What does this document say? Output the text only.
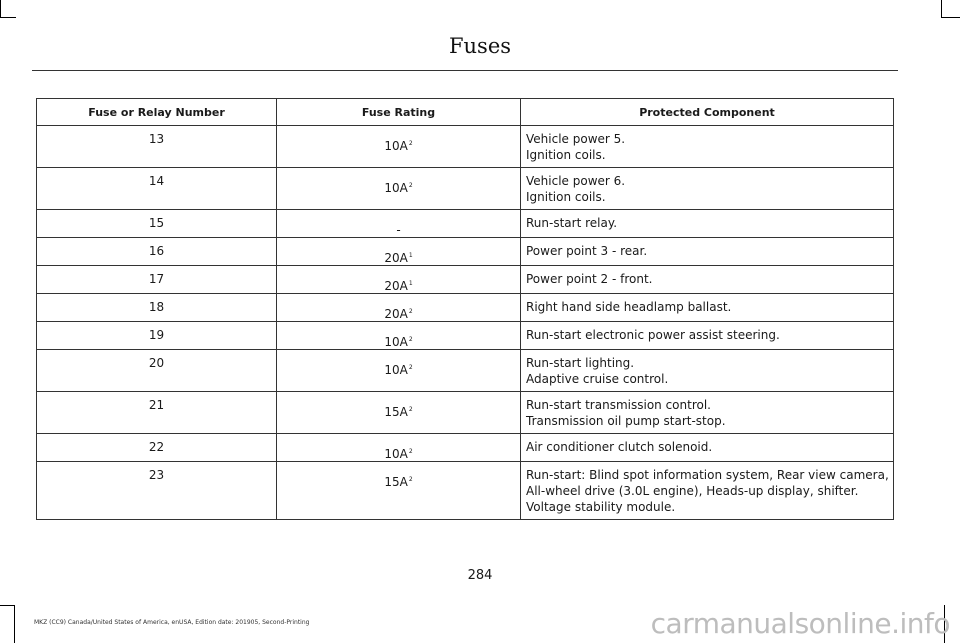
Fuses
Fuse or Relay Number	Fuse Rating	Protected Component
13	$10A^2$	Vehicle power 5.
Ignition coils.

14	$10A^2$	Vehicle power 6.
Ignition coils.

15	-	Run-start relay.

16	$20A^1$	Power point 3 - rear.

17	$20A^1$	Power point 2 - front.

18	$20A^2$	Right hand side headlamp ballast.

19	$10A^2$	Run-start electronic power assist steering.

20	$10A^2$	Run-start lighting.
Adaptive cruise control.

21	$15A^2$	Run-start transmission control.
Transmission oil pump start-stop.

22	$10A^2$	Air conditioner clutch solenoid.

23	$15A^2$	Run-start: Blind spot information system, Rear view camera,
All-wheel drive (3.0L engine), Heads-up display, shifter.
Voltage stability module.
284
MKZ (CC9) Canada/United States of America, enUSA, Edition date: 201905, Second-Printing	carmanualsonline.info
